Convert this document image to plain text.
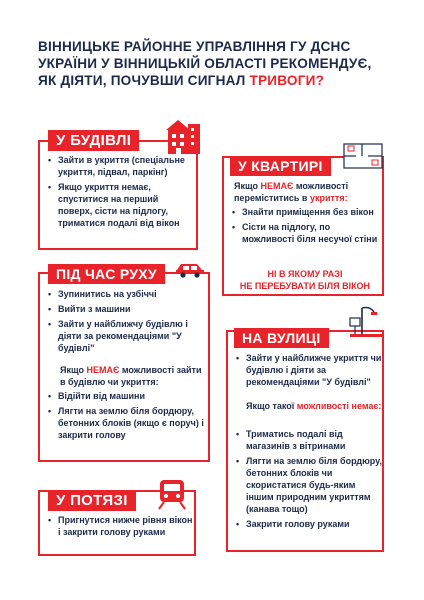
ВІННИЦЬКЕ РАЙОННЕ УПРАВЛІННЯ ГУ ДСНС
УКРАЇНИ У ВІННИЦЬКІЙ ОБЛАСТІ РЕКОМЕНДУЄ,
ЯК ДІЯТИ, ПОЧУВШИ СИГНАЛ ТРИВОГИ?
У БУДІВЛІ
• Зайти в укриття (спеціальне укриття, підвал, паркінг)
• Якщо укриття немає, спуститися на перший поверх, сісти на підлогу, триматися подалі від вікон
У КВАРТИРІ
Якщо НЕМАЄ можливості переміститись в укриття:
• Знайти приміщення без вікон
• Сісти на підлогу, по можливості біля несучої стіни
НІ В ЯКОМУ РАЗІ
НЕ ПЕРЕБУВАТИ БІЛЯ ВІКОН
ПІД ЧАС РУХУ
• Зупинитись на узбіччі
• Вийти з машини
• Зайти у найближчу будівлю і діяти за рекомендаціями "У будівлі"
Якщо НЕМАЄ можливості зайти в будівлю чи укриття:
• Відійти від машини
• Лягти на землю біля бордюру, бетонних блоків (якщо є поруч) і закрити голову
НА ВУЛИЦІ
• Зайти у найближче укриття чи будівлю і діяти за рекомендаціями "У будівлі"
Якщо такої можливості немає:
• Триматись подалі від магазинів з вітринами
• Лягти на землю біля бордюру, бетонних блоків чи скористатися будь-яким іншим природним укриттям (канава тощо)
• Закрити голову руками
У ПОТЯЗІ
• Пригнутися нижче рівня вікон і закрити голову руками
